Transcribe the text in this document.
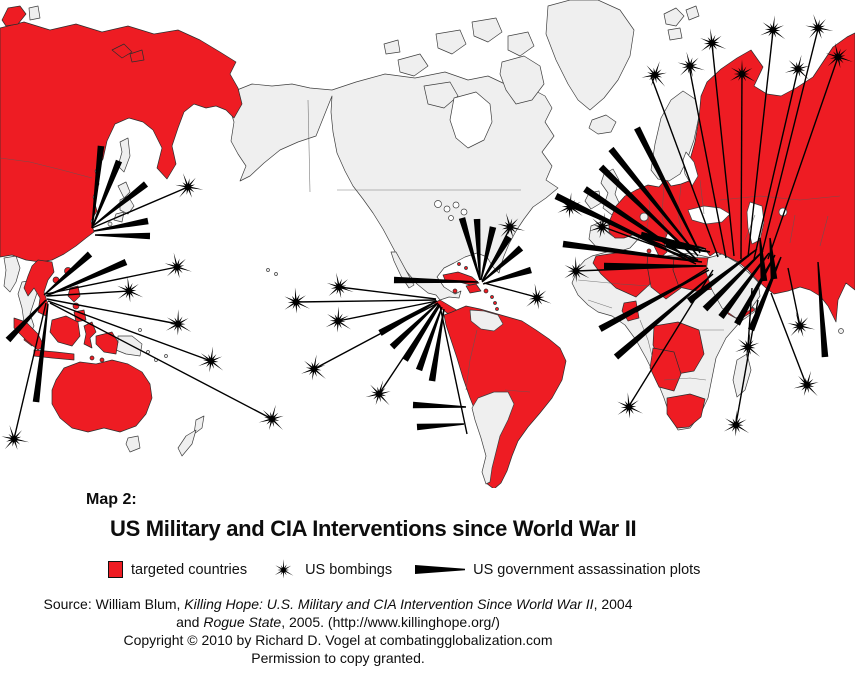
Map 2:
US Military and CIA Interventions since World War II
targeted countries	US bombings	US government assassination plots
Source: William Blum, Killing Hope: U.S. Military and CIA Intervention Since World War II, 2004
and Rogue State, 2005. (http://www.killinghope.org/)
Copyright © 2010 by Richard D. Vogel at combatingglobalization.com
Permission to copy granted.
